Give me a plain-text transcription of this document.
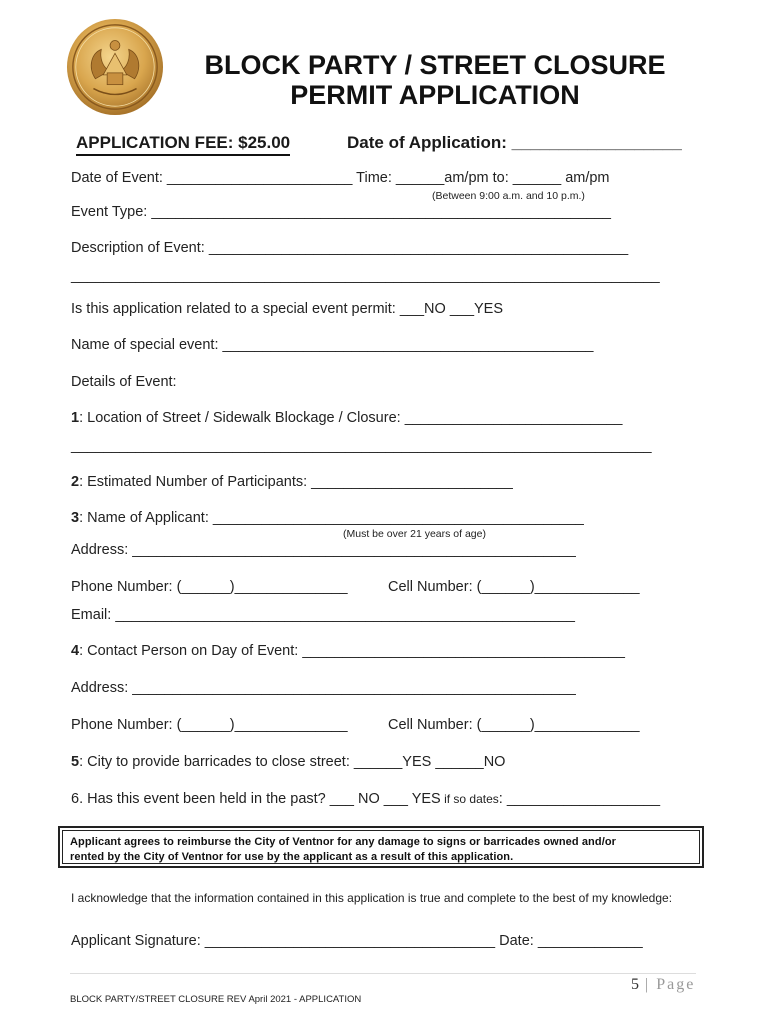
BLOCK PARTY / STREET CLOSURE
PERMIT APPLICATION
APPLICATION FEE: $25.00	Date of Application: __________________
Date of Event: _______________________ Time: ______am/pm to: ______ am/pm
(Between 9:00 a.m. and 10 p.m.)
Event Type: _________________________________________________________
Description of Event: ____________________________________________________
_________________________________________________________________________
Is this application related to a special event permit: ___NO ___YES
Name of special event: ______________________________________________
Details of Event:
1: Location of Street / Sidewalk Blockage / Closure: ___________________________
________________________________________________________________________
2: Estimated Number of Participants: _________________________
3: Name of Applicant: ______________________________________________
(Must be over 21 years of age)
Address: _______________________________________________________
Phone Number: (______)______________	Cell Number: (______)_____________
Email: _________________________________________________________
4: Contact Person on Day of Event: ________________________________________
Address: _______________________________________________________
Phone Number: (______)______________	Cell Number: (______)_____________
5: City to provide barricades to close street: ______YES ______NO
6. Has this event been held in the past? ___ NO ___ YES if so dates: ___________________
Applicant agrees to reimburse the City of Ventnor for any damage to signs or barricades owned and/or
rented by the City of Ventnor for use by the applicant as a result of this application.
I acknowledge that the information contained in this application is true and complete to the best of my knowledge:
Applicant Signature: ____________________________________ Date: _____________
5 | Page
BLOCK PARTY/STREET CLOSURE REV April 2021 - APPLICATION
